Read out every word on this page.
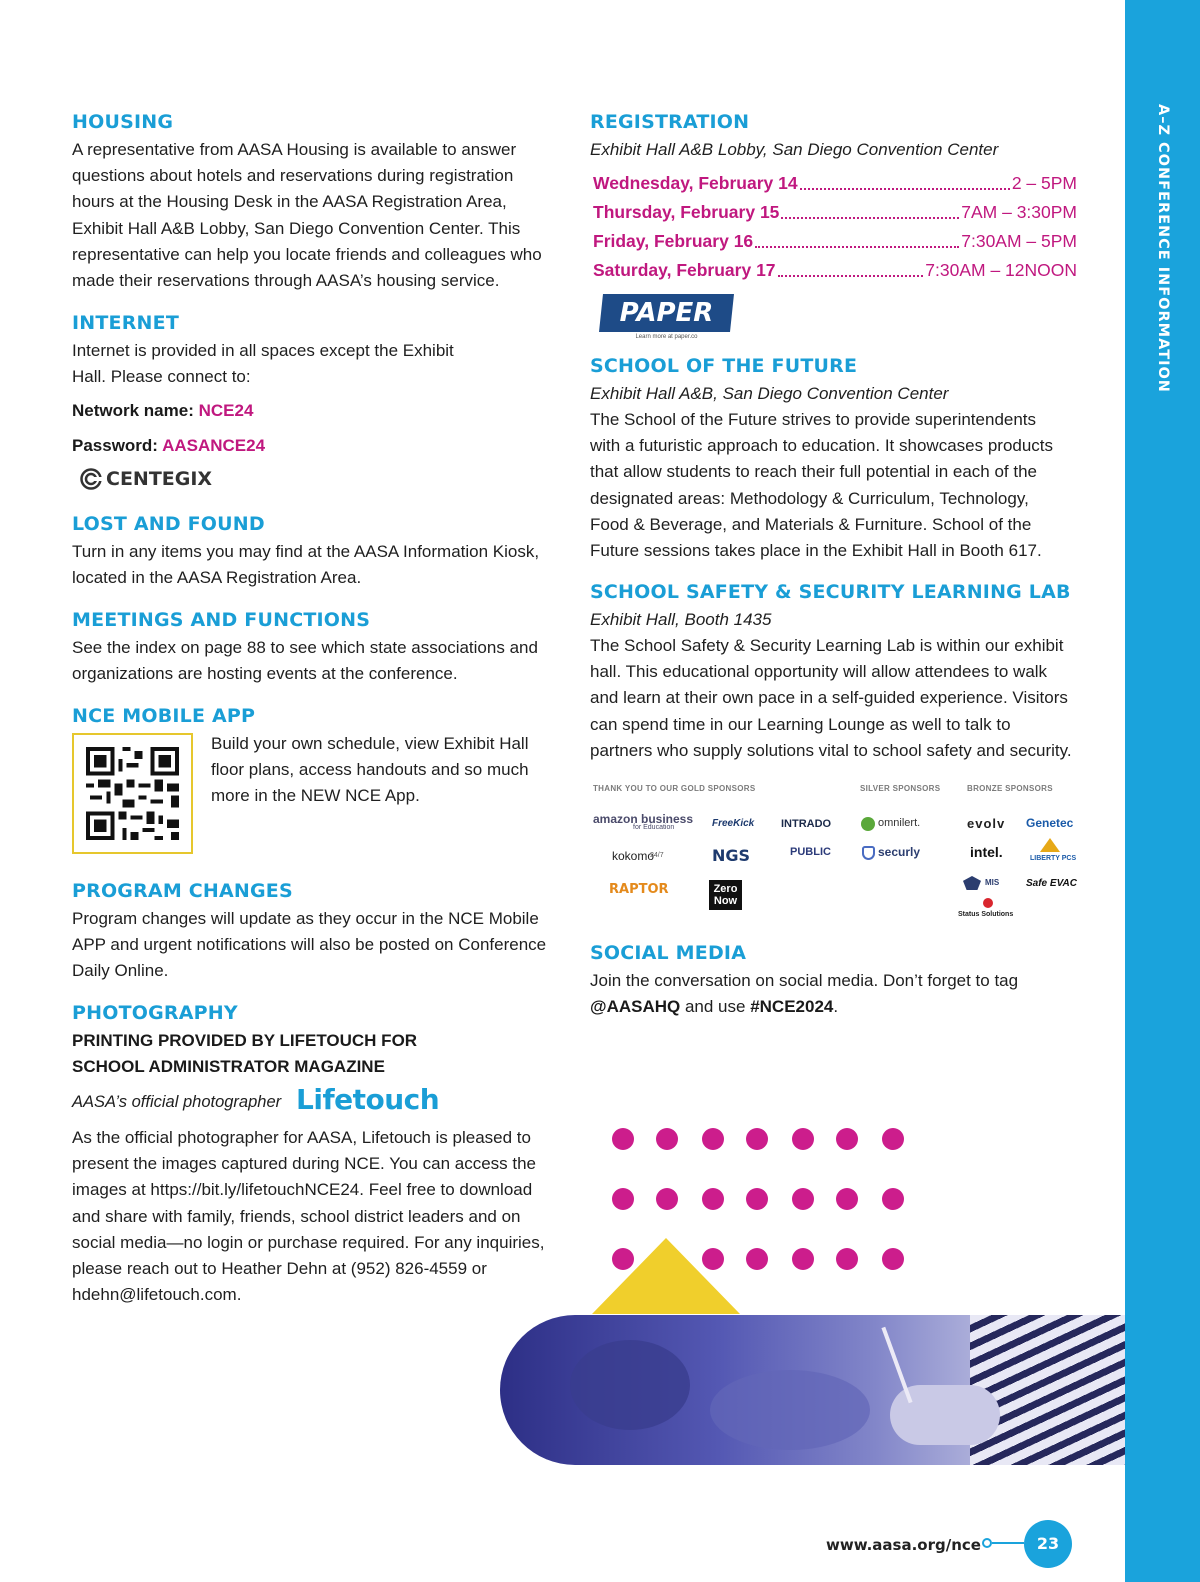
A–Z CONFERENCE INFORMATION
HOUSING
A representative from AASA Housing is available to answer questions about hotels and reservations during registration hours at the Housing Desk in the AASA Registration Area, Exhibit Hall A&B Lobby, San Diego Convention Center. This representative can help you locate friends and colleagues who made their reservations through AASA’s housing service.
INTERNET
Internet is provided in all spaces except the Exhibit Hall. Please connect to:
Network name: NCE24
Password: AASANCE24
CENTEGIX
LOST AND FOUND
Turn in any items you may find at the AASA Information Kiosk, located in the AASA Registration Area.
MEETINGS AND FUNCTIONS
See the index on page 88 to see which state associations and organizations are hosting events at the conference.
NCE MOBILE APP
Build your own schedule, view Exhibit Hall floor plans, access handouts and so much more in the NEW NCE App.
PROGRAM CHANGES
Program changes will update as they occur in the NCE Mobile APP and urgent notifications will also be posted on Conference Daily Online.
PHOTOGRAPHY
PRINTING PROVIDED BY LIFETOUCH FOR SCHOOL ADMINISTRATOR MAGAZINE
AASA’s official photographer Lifetouch
As the official photographer for AASA, Lifetouch is pleased to present the images captured during NCE. You can access the images at https://bit.ly/lifetouchNCE24. Feel free to download and share with family, friends, school district leaders and on social media—no login or purchase required. For any inquiries, please reach out to Heather Dehn at (952) 826-4559 or hdehn@lifetouch.com.
REGISTRATION
Exhibit Hall A&B Lobby, San Diego Convention Center
Wednesday, February 14	2 – 5PM
Thursday, February 15	7AM – 3:30PM
Friday, February 16	7:30AM – 5PM
Saturday, February 17	7:30AM – 12NOON
PAPER
Learn more at paper.co
SCHOOL OF THE FUTURE
Exhibit Hall A&B, San Diego Convention Center
The School of the Future strives to provide superintendents with a futuristic approach to education. It showcases products that allow students to reach their full potential in each of the designated areas: Methodology & Curriculum, Technology, Food & Beverage, and Materials & Furniture. School of the Future sessions takes place in the Exhibit Hall in Booth 617.
SCHOOL SAFETY & SECURITY LEARNING LAB
Exhibit Hall, Booth 1435
The School Safety & Security Learning Lab is within our exhibit hall. This educational opportunity will allow attendees to walk and learn at their own pace in a self-guided experience. Visitors can spend time in our Learning Lounge as well to talk to partners who supply solutions vital to school safety and security.
THANK YOU TO OUR GOLD SPONSORS	SILVER SPONSORS	BRONZE SPONSORS
amazon business
for Education	FreeKick INTRADO
kokomo
24/7	NGS	PUBLIC
RAPTOR	Zero
Now
omnilert.
securly
evolv Genetec
intel.	LIBERTY PCS
MIS	Safe EVAC
Status Solutions
SOCIAL MEDIA
Join the conversation on social media. Don’t forget to tag @AASAHQ and use #NCE2024.
www.aasa.org/nce	23
